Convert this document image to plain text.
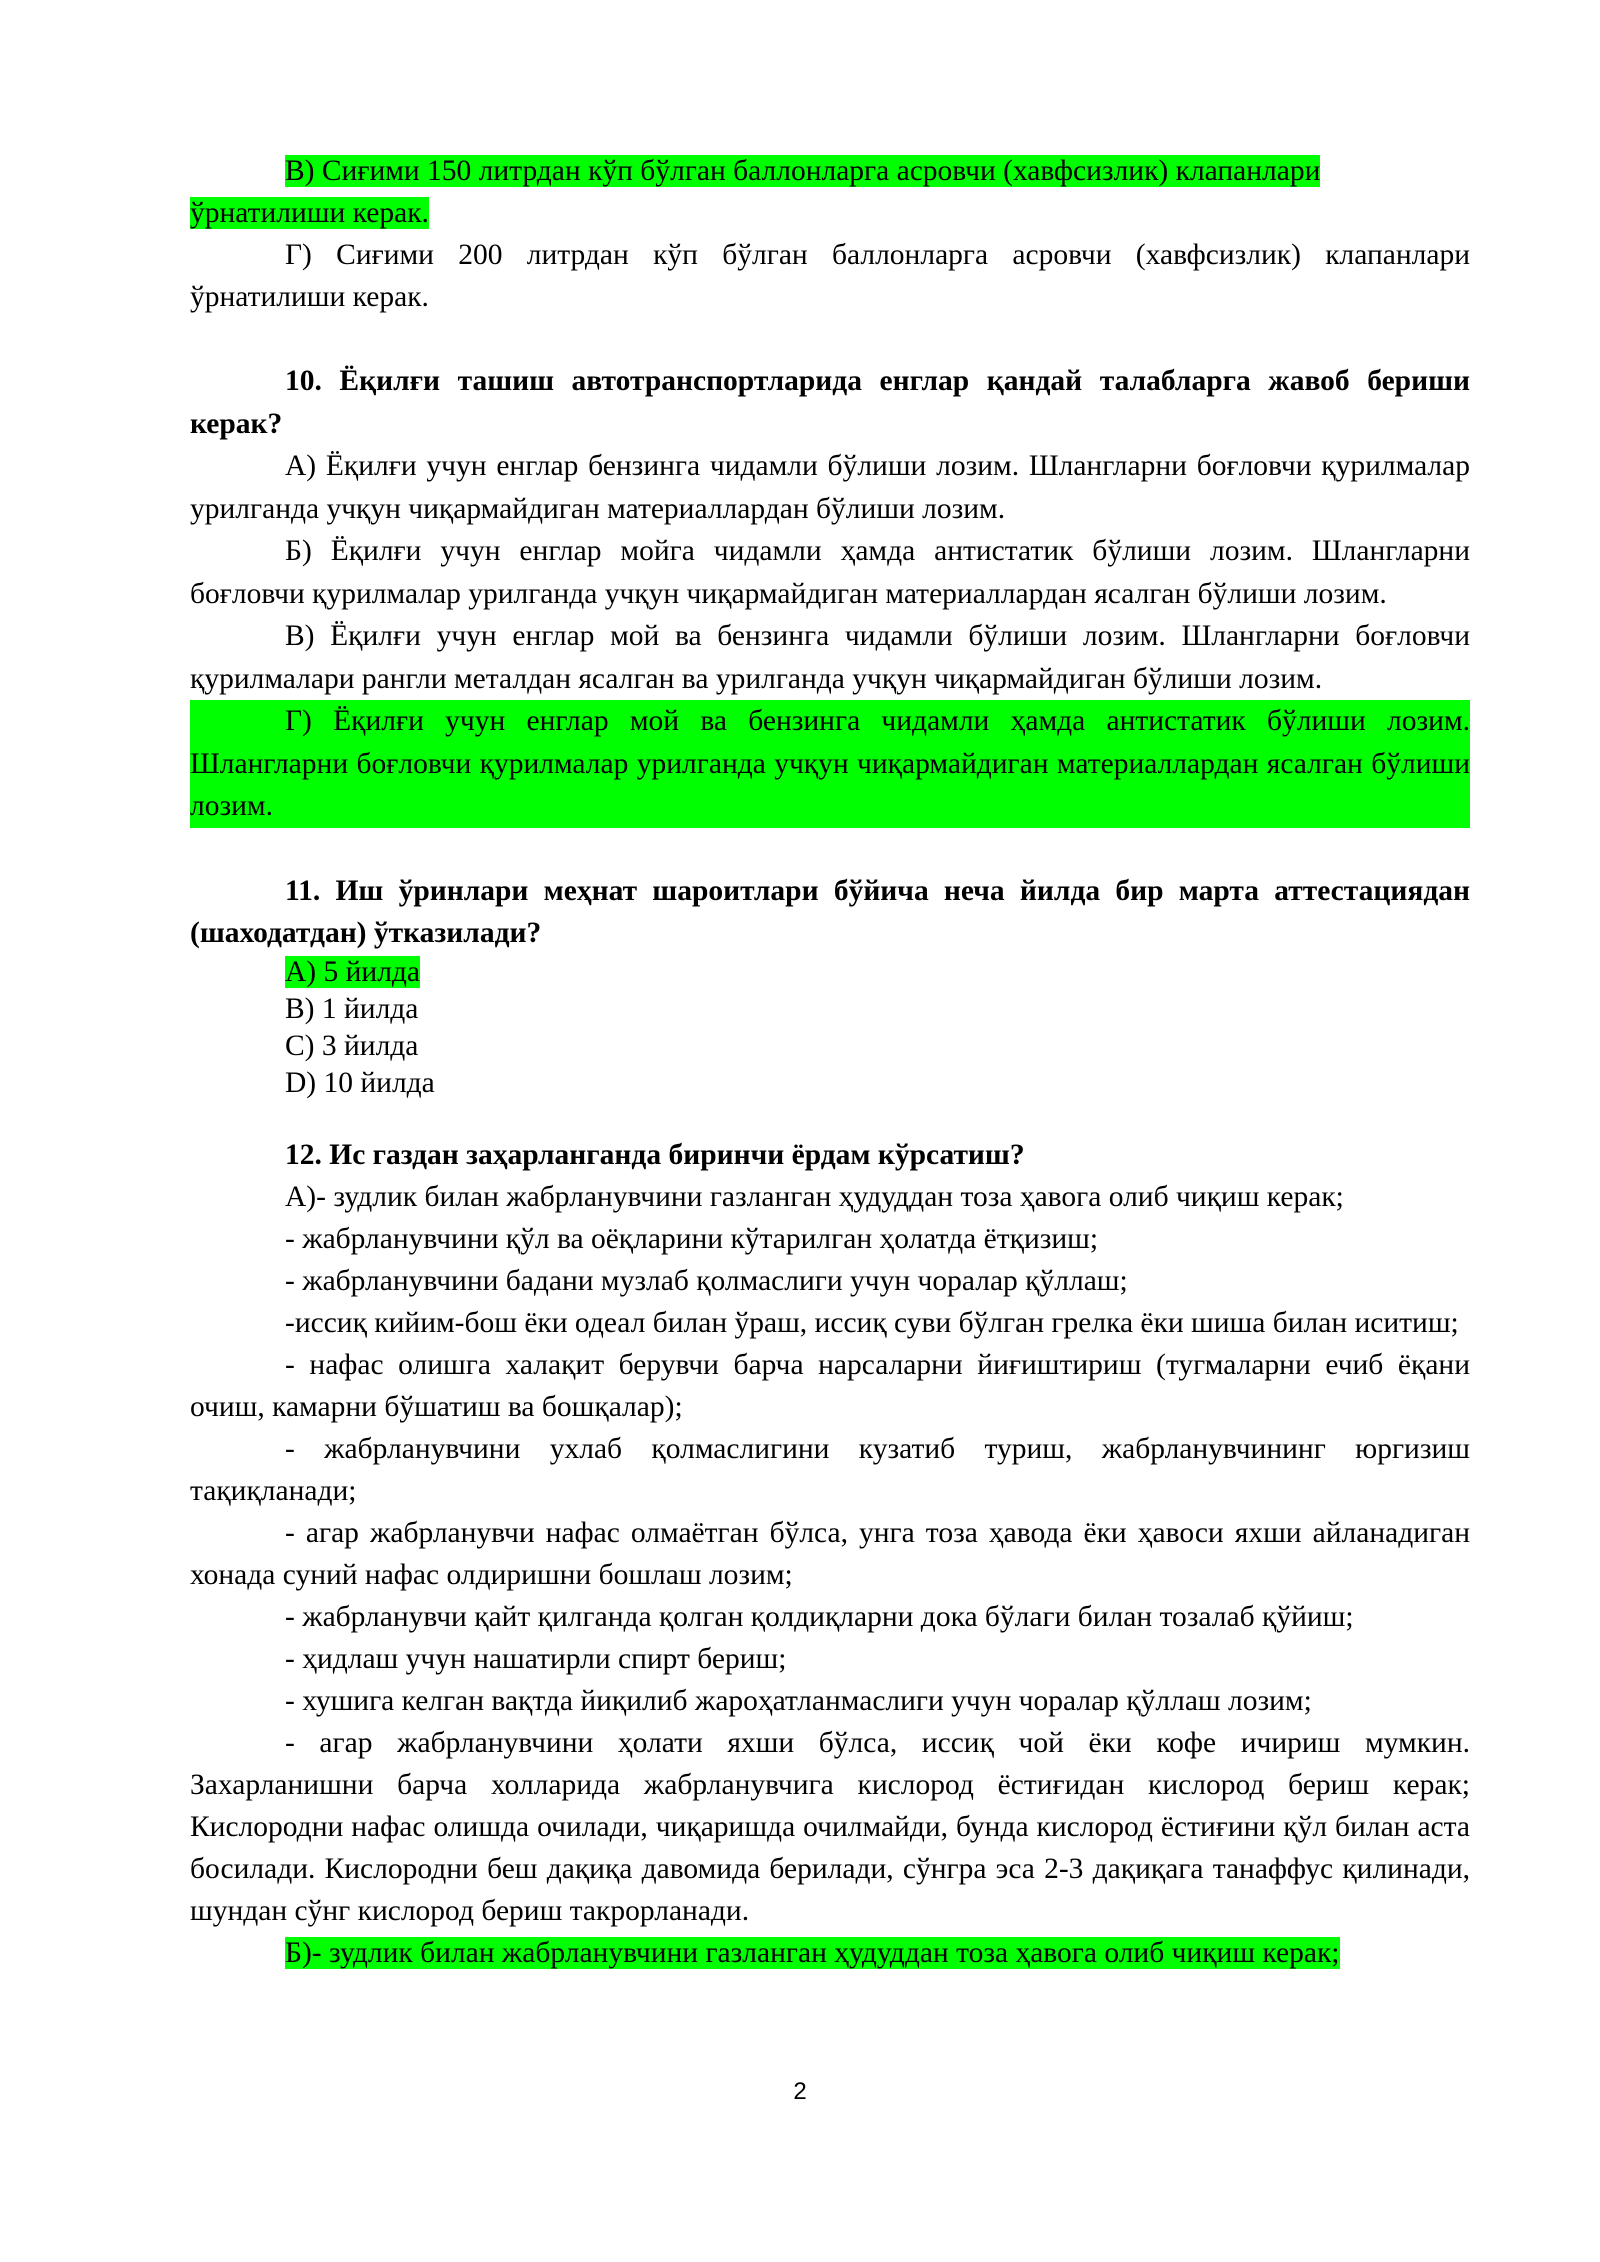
В) Сиғими 150 литрдан кўп бўлган баллонларга асровчи (хавфсизлик) клапанлари
ўрнатилиши керак.

Г) Сиғими 200 литрдан кўп бўлган баллонларга асровчи (хавфсизлик) клапанлари ўрнатилиши керак.

10. Ёқилғи ташиш автотранспортларида енглар қандай талабларга жавоб бериши керак?

А) Ёқилғи учун енглар бензинга чидамли бўлиши лозим. Шлангларни боғловчи қурилмалар урилганда учқун чиқармайдиган материаллардан бўлиши лозим.

Б) Ёқилғи учун енглар мойга чидамли ҳамда антистатик бўлиши лозим. Шлангларни боғловчи қурилмалар урилганда учқун чиқармайдиган материаллардан ясалган бўлиши лозим.

В) Ёқилғи учун енглар мой ва бензинга чидамли бўлиши лозим. Шлангларни боғловчи қурилмалари рангли металдан ясалган ва урилганда учқун чиқармайдиган бўлиши лозим.

Г) Ёқилғи учун енглар мой ва бензинга чидамли ҳамда антистатик бўлиши лозим. Шлангларни боғловчи қурилмалар урилганда учқун чиқармайдиган материаллардан ясалган бўлиши лозим.

11. Иш ўринлари меҳнат шароитлари бўйича неча йилда бир марта аттестациядан (шаходатдан) ўтказилади?

А) 5 йилда

В) 1 йилда

С) 3 йилда

D) 10 йилда

12. Ис газдан заҳарланганда биринчи ёрдам кўрсатиш?

А)- зудлик билан жабрланувчини газланган ҳудуддан тоза ҳавога олиб чиқиш керак;

- жабрланувчини қўл ва оёқларини кўтарилган ҳолатда ётқизиш;

- жабрланувчини бадани музлаб қолмаслиги учун чоралар қўллаш;

-иссиқ кийим-бош ёки одеал билан ўраш, иссиқ суви бўлган грелка ёки шиша билан иситиш;

- нафас олишга халақит берувчи барча нарсаларни йиғиштириш (тугмаларни ечиб ёқани очиш, камарни бўшатиш ва бошқалар);

- жабрланувчини ухлаб қолмаслигини кузатиб туриш, жабрланувчининг юргизиш тақиқланади;

- агар жабрланувчи нафас олмаётган бўлса, унга тоза ҳавода ёки ҳавоси яхши айланадиган хонада суний нафас олдиришни бошлаш лозим;

- жабрланувчи қайт қилганда қолган қолдиқларни дока бўлаги билан тозалаб қўйиш;

- ҳидлаш учун нашатирли спирт бериш;

- хушига келган вақтда йиқилиб жароҳатланмаслиги учун чоралар қўллаш лозим;

- агар жабрланувчини ҳолати яхши бўлса, иссиқ чой ёки кофе ичириш мумкин. Захарланишни барча холларида жабрланувчига кислород ёстиғидан кислород бериш керак; Кислородни нафас олишда очилади, чиқаришда очилмайди, бунда кислород ёстиғини қўл билан аста босилади. Кислородни беш дақиқа давомида берилади, сўнгра эса 2-3 дақиқага танаффус қилинади, шундан сўнг кислород бериш такрорланади.

Б)- зудлик билан жабрланувчини газланган ҳудуддан тоза ҳавога олиб чиқиш керак;

2
